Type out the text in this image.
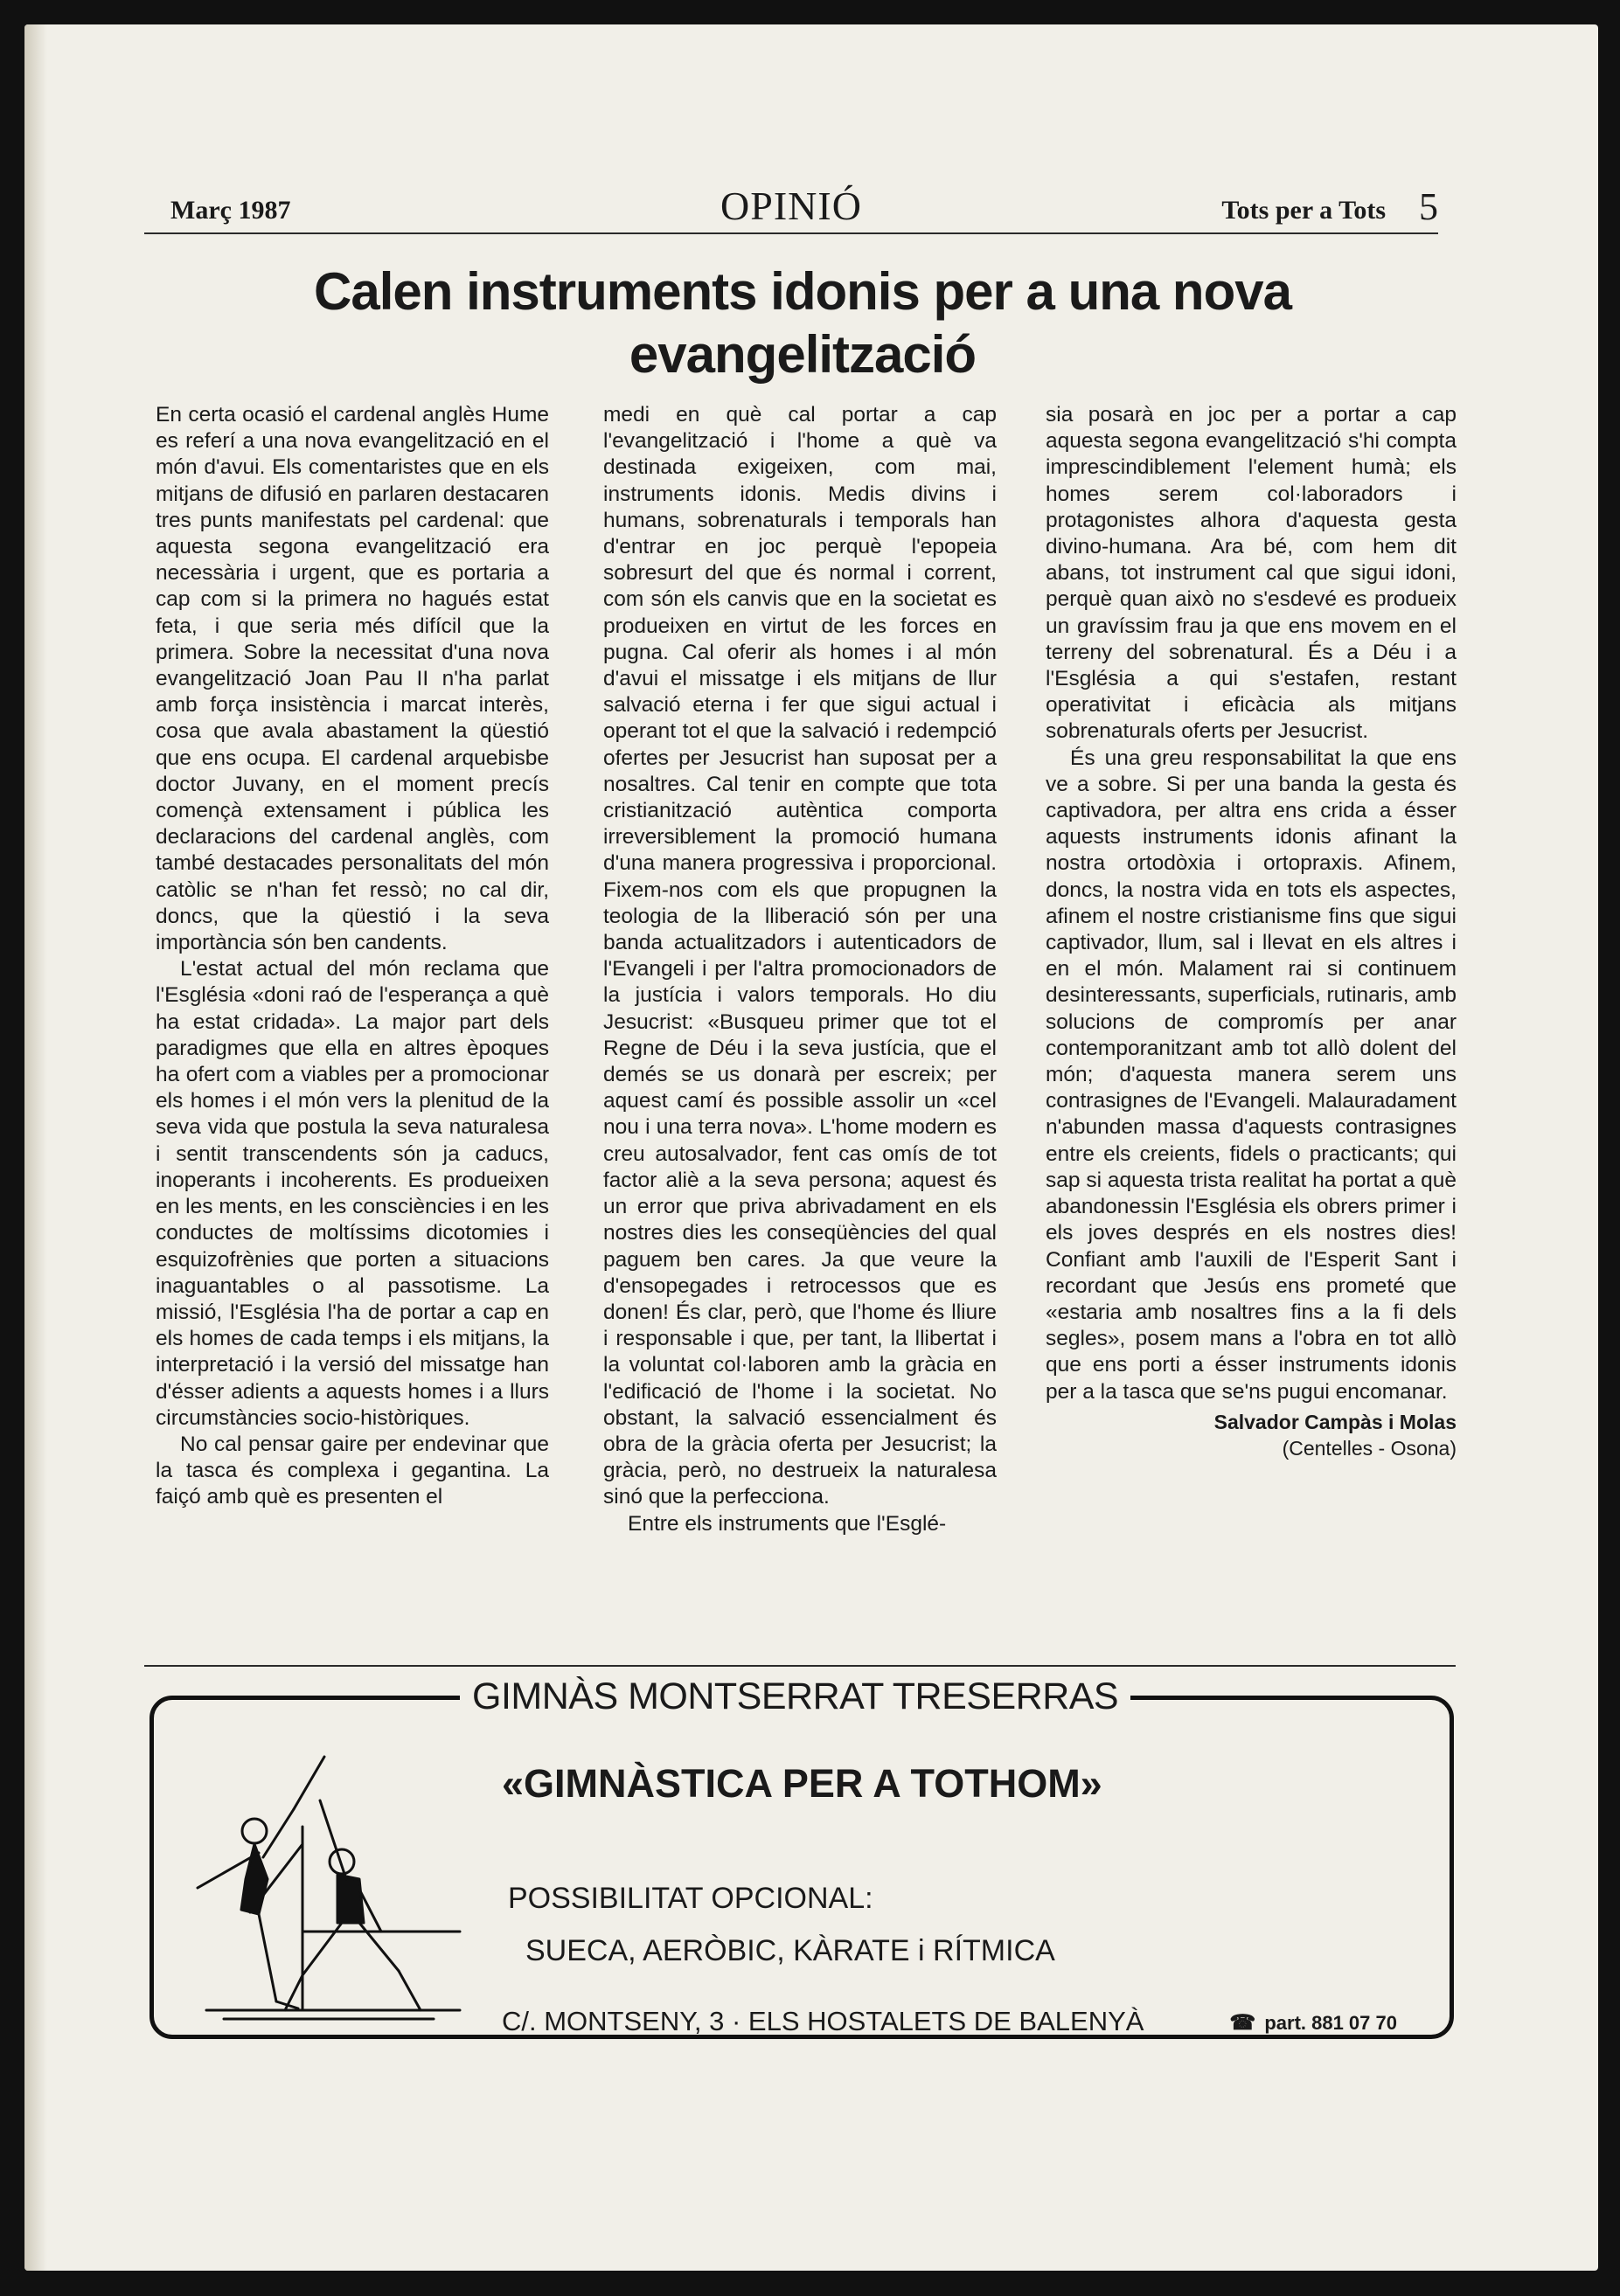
Març 1987	OPINIÓ	Tots per a Tots 5
Calen instruments idonis per a una nova evangelització

En certa ocasió el cardenal anglès Hume es referí a una nova evangelització en el món d'avui. Els comentaristes que en els mitjans de difusió en parlaren destacaren tres punts manifestats pel cardenal: que aquesta segona evangelització era necessària i urgent, que es portaria a cap com si la primera no hagués estat feta, i que seria més difícil que la primera. Sobre la necessitat d'una nova evangelització Joan Pau II n'ha parlat amb força insistència i marcat interès, cosa que avala abastament la qüestió que ens ocupa. El cardenal arquebisbe doctor Juvany, en el moment precís començà extensament i pública les declaracions del cardenal anglès, com també destacades personalitats del món catòlic se n'han fet ressò; no cal dir, doncs, que la qüestió i la seva importància són ben candents.

L'estat actual del món reclama que l'Església «doni raó de l'esperança a què ha estat cridada». La major part dels paradigmes que ella en altres èpoques ha ofert com a viables per a promocionar els homes i el món vers la plenitud de la seva vida que postula la seva naturalesa i sentit transcendents són ja caducs, inoperants i incoherents. Es produeixen en les ments, en les consciències i en les conductes de moltíssims dicotomies i esquizofrènies que porten a situacions inaguantables o al passotisme. La missió, l'Església l'ha de portar a cap en els homes de cada temps i els mitjans, la interpretació i la versió del missatge han d'ésser adients a aquests homes i a llurs circumstàncies socio-històriques.

No cal pensar gaire per endevinar que la tasca és complexa i gegantina. La faiçó amb què es presenten el

medi en què cal portar a cap l'evangelització i l'home a què va destinada exigeixen, com mai, instruments idonis. Medis divins i humans, sobrenaturals i temporals han d'entrar en joc perquè l'epopeia sobresurt del que és normal i corrent, com són els canvis que en la societat es produeixen en virtut de les forces en pugna. Cal oferir als homes i al món d'avui el missatge i els mitjans de llur salvació eterna i fer que sigui actual i operant tot el que la salvació i redempció ofertes per Jesucrist han suposat per a nosaltres. Cal tenir en compte que tota cristianització autèntica comporta irreversiblement la promoció humana d'una manera progressiva i proporcional. Fixem-nos com els que propugnen la teologia de la lliberació són per una banda actualitzadors i autenticadors de l'Evangeli i per l'altra promocionadors de la justícia i valors temporals. Ho diu Jesucrist: «Busqueu primer que tot el Regne de Déu i la seva justícia, que el demés se us donarà per escreix; per aquest camí és possible assolir un «cel nou i una terra nova». L'home modern es creu autosalvador, fent cas omís de tot factor aliè a la seva persona; aquest és un error que priva abrivadament en els nostres dies les conseqüències del qual paguem ben cares. Ja que veure la d'ensopegades i retrocessos que es donen! És clar, però, que l'home és lliure i responsable i que, per tant, la llibertat i la voluntat col·laboren amb la gràcia en l'edificació de l'home i la societat. No obstant, la salvació essencialment és obra de la gràcia oferta per Jesucrist; la gràcia, però, no destrueix la naturalesa sinó que la perfecciona.

Entre els instruments que l'Esglé-

sia posarà en joc per a portar a cap aquesta segona evangelització s'hi compta imprescindiblement l'element humà; els homes serem col·laboradors i protagonistes alhora d'aquesta gesta divino-humana. Ara bé, com hem dit abans, tot instrument cal que sigui idoni, perquè quan això no s'esdevé es produeix un gravíssim frau ja que ens movem en el terreny del sobrenatural. És a Déu i a l'Església a qui s'estafen, restant operativitat i eficàcia als mitjans sobrenaturals oferts per Jesucrist.

És una greu responsabilitat la que ens ve a sobre. Si per una banda la gesta és captivadora, per altra ens crida a ésser aquests instruments idonis afinant la nostra ortodòxia i ortopraxis. Afinem, doncs, la nostra vida en tots els aspectes, afinem el nostre cristianisme fins que sigui captivador, llum, sal i llevat en els altres i en el món. Malament rai si continuem desinteressants, superficials, rutinaris, amb solucions de compromís per anar contemporanitzant amb tot allò dolent del món; d'aquesta manera serem uns contrasignes de l'Evangeli. Malauradament n'abunden massa d'aquests contrasignes entre els creients, fidels o practicants; qui sap si aquesta trista realitat ha portat a què abandonessin l'Església els obrers primer i els joves després en els nostres dies! Confiant amb l'auxili de l'Esperit Sant i recordant que Jesús ens prometé que «estaria amb nosaltres fins a la fi dels segles», posem mans a l'obra en tot allò que ens porti a ésser instruments idonis per a la tasca que se'ns pugui encomanar.

Salvador Campàs i Molas
(Centelles - Osona)
GIMNÀS MONTSERRAT TRESERRAS
«GIMNÀSTICA PER A TOTHOM»
POSSIBILITAT OPCIONAL:
SUECA, AERÒBIC, KÀRATE i RÍTMICA
C/. MONTSENY, 3 · ELS HOSTALETS DE BALENYÀ	☎ part. 881 07 70
